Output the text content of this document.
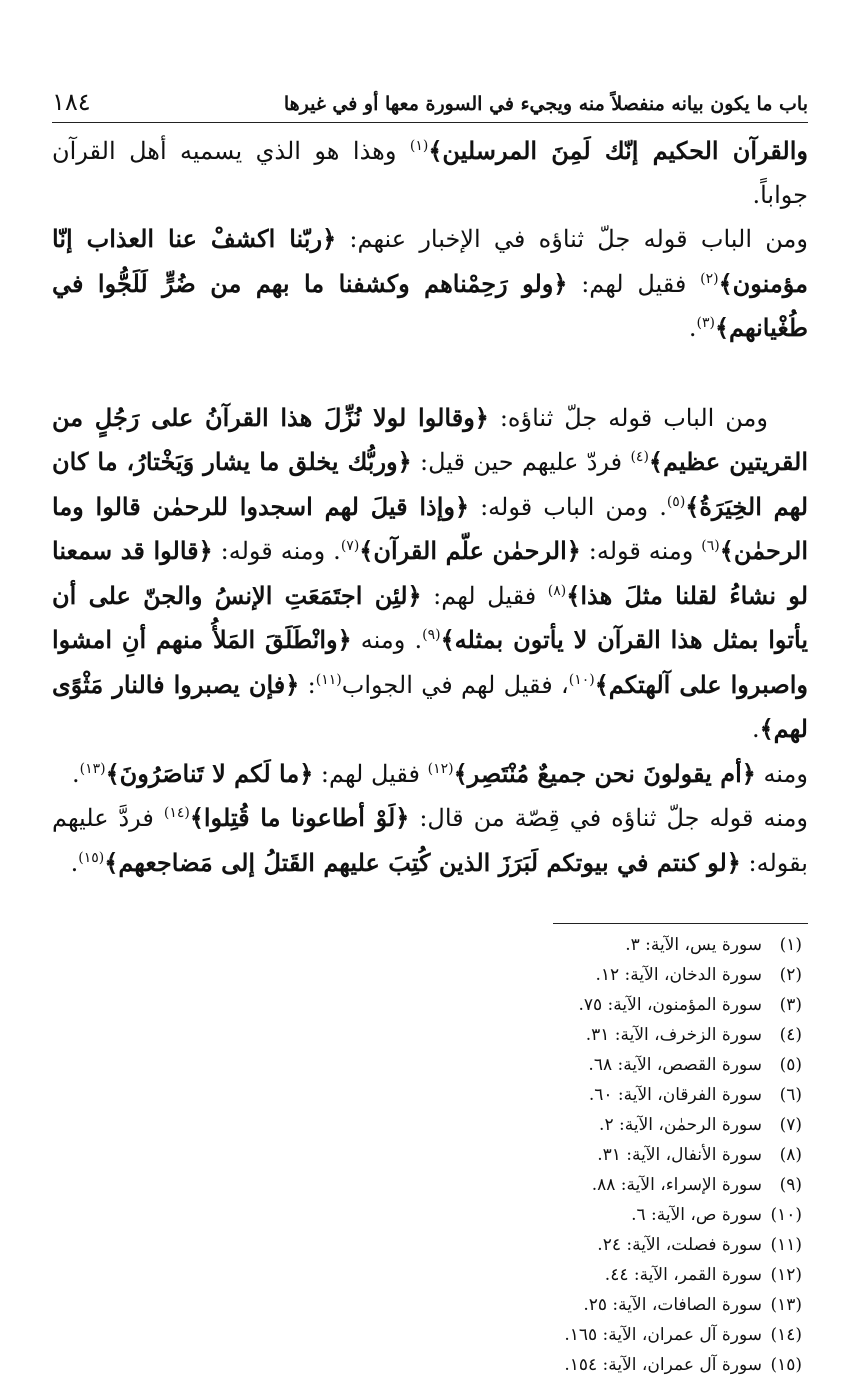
باب ما يكون بيانه منفصلاً منه ويجيء في السورة معها أو في غيرها
١٨٤

والقرآن الحكيم إنّك لَمِنَ المرسلين﴾$^{(١)}$ وهذا هو الذي يسميه أهل القرآن جواباً.
ومن الباب قوله جلّ ثناؤه في الإخبار عنهم: ﴿ربّنا اكشفْ عنا العذاب إنّا مؤمنون﴾$^{(٢)}$ فقيل لهم: ﴿ولو رَحِمْناهم وكشفنا ما بهم من ضُرٍّ لَلَجُّوا في طُغْيانهم﴾$^{(٣)}$.

ومن الباب قوله جلّ ثناؤه: ﴿وقالوا لولا نُزِّلَ هذا القرآنُ على رَجُلٍ من القريتين عظيم﴾$^{(٤)}$ فردّ عليهم حين قيل: ﴿وربُّك يخلق ما يشار وَيَخْتارُ، ما كان لهم الخِيَرَةُ﴾$^{(٥)}$. ومن الباب قوله: ﴿وإذا قيلَ لهم اسجدوا للرحمٰن قالوا وما الرحمٰن﴾$^{(٦)}$ ومنه قوله: ﴿الرحمٰن علّم القرآن﴾$^{(٧)}$. ومنه قوله: ﴿قالوا قد سمعنا لو نشاءُ لقلنا مثلَ هذا﴾$^{(٨)}$ فقيل لهم: ﴿لئِن اجتَمَعَتِ الإنسُ والجنّ على أن يأتوا بمثل هذا القرآن لا يأتون بمثله﴾$^{(٩)}$. ومنه ﴿وانْطَلَقَ المَلأُ منهم أنِ امشوا واصبروا على آلهتكم﴾$^{(١٠)}$، فقيل لهم في الجواب$^{(١١)}$: ﴿فإن يصبروا فالنار مَثْوًى لهم﴾.

ومنه ﴿أم يقولونَ نحن جميعٌ مُنْتَصِر﴾$^{(١٢)}$ فقيل لهم: ﴿ما لَكم لا تَناصَرُونَ﴾$^{(١٣)}$.

ومنه قوله جلّ ثناؤه في قِصّة من قال: ﴿لَوْ أطاعونا ما قُتِلوا﴾$^{(١٤)}$ فردَّ عليهم بقوله: ﴿لو كنتم في بيوتكم لَبَرَزَ الذين كُتِبَ عليهم القَتلُ إلى مَضاجعهم﴾$^{(١٥)}$.

(١)سورة يس، الآية: ٣.
(٢)سورة الدخان، الآية: ١٢.
(٣)سورة المؤمنون، الآية: ٧٥.
(٤)سورة الزخرف، الآية: ٣١.
(٥)سورة القصص، الآية: ٦٨.
(٦)سورة الفرقان، الآية: ٦٠.
(٧)سورة الرحمٰن، الآية: ٢.
(٨)سورة الأنفال، الآية: ٣١.
(٩)سورة الإسراء، الآية: ٨٨.
(١٠)سورة ص، الآية: ٦.
(١١)سورة فصلت، الآية: ٢٤.
(١٢)سورة القمر، الآية: ٤٤.
(١٣)سورة الصافات، الآية: ٢٥.
(١٤)سورة آل عمران، الآية: ١٦٥.
(١٥)سورة آل عمران، الآية: ١٥٤.
